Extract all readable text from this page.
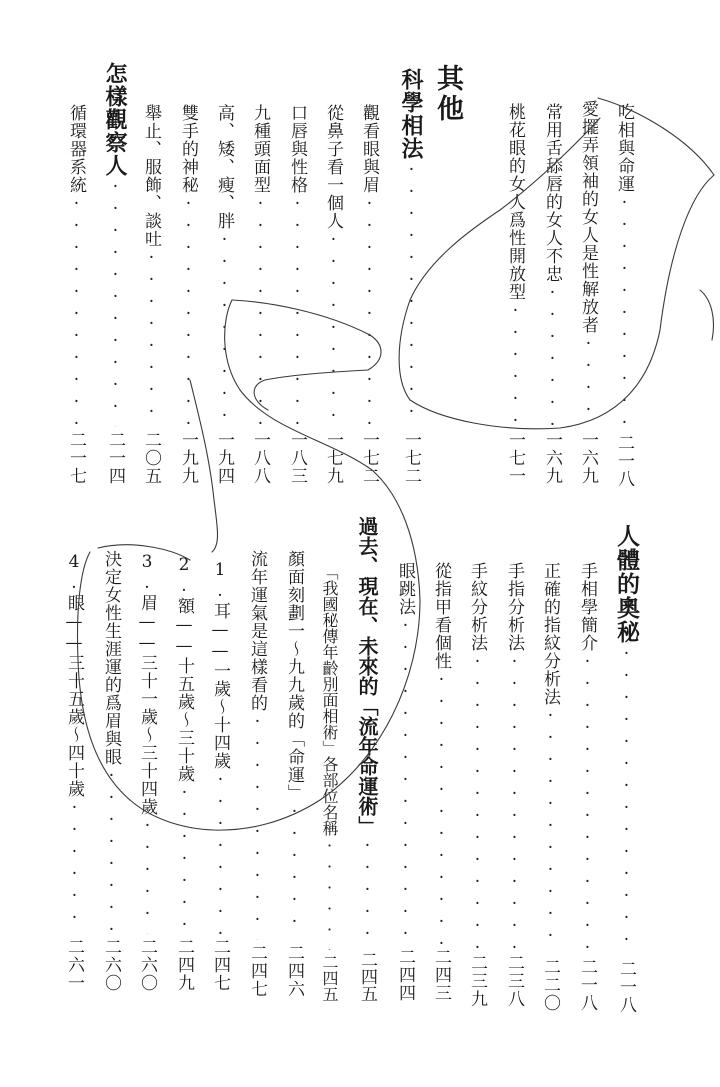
吃相與命運
·····
二一八
愛擺弄領袖的女人是性解放者
·····
一六九
常用舌舔唇的女人不忠
·····
一六九
桃花眼的女人爲性開放型
·····
一七一
其他
科學相法
·····
一七二
觀看眼與眉
·····
一七二
從鼻子看一個人
·····
一七九
口唇與性格
·····
一八三
九種頭面型
·····
一八八
高、矮、瘦、胖
·····
一九四
雙手的神秘
·····
一九九
舉止、服飾、談吐
·····
二〇五
怎樣觀察人
·····
二一四
循環器系統
·····
二一七
人體的奧秘
·····
二一八
手相學簡介
·····
二一八
正確的指紋分析法
·····
二二〇
手指分析法
·····
二三八
手紋分析法
·····
二三九
從指甲看個性
·····
二四三
眼跳法
·····
二四四
過去、現在、未來的「流年命運術」
·····
二四五
「我國秘傳年齡別面相術」各部位名稱
·····
二四五
顏面刻劃一～九九歲的「命運」
·····
二四六
流年運氣是這樣看的
·····
二四七
1.耳——一歲～十四歲
·····
二四七
2.額——十五歲～三十歲
·····
二四九
3.眉——三十一歲～三十四歲
·····
二六〇
決定女性生涯運的爲眉與眼
·····
二六〇
4.眼——三十五歲～四十歲
·····
二六一
